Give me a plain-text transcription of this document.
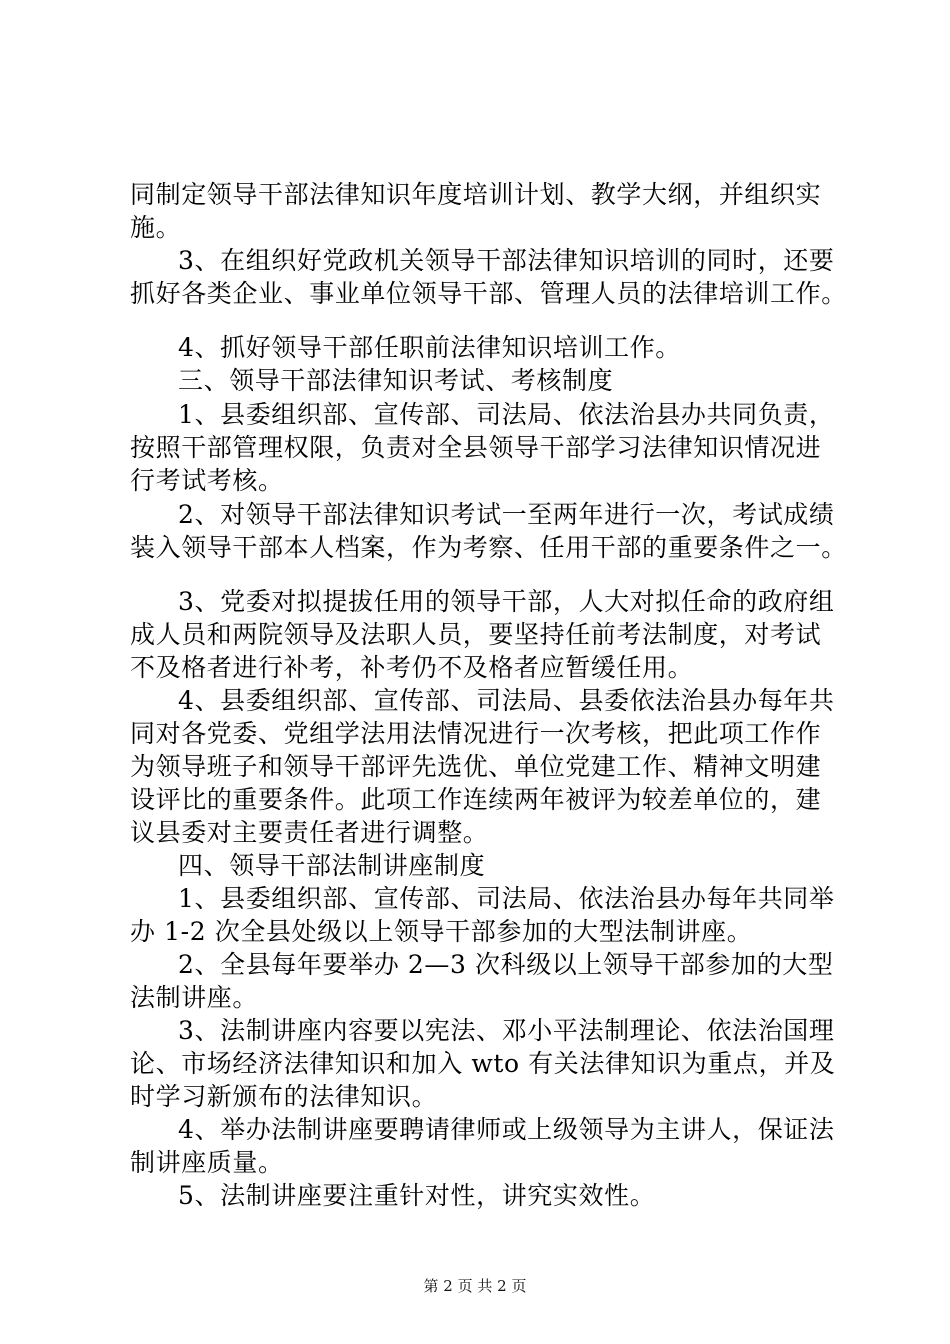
同制定领导干部法律知识年度培训计划、教学大纲，并组织实
施。
3、在组织好党政机关领导干部法律知识培训的同时，还要
抓好各类企业、事业单位领导干部、管理人员的法律培训工作。
4、抓好领导干部任职前法律知识培训工作。
三、领导干部法律知识考试、考核制度
1、县委组织部、宣传部、司法局、依法治县办共同负责，
按照干部管理权限，负责对全县领导干部学习法律知识情况进
行考试考核。
2、对领导干部法律知识考试一至两年进行一次，考试成绩
装入领导干部本人档案，作为考察、任用干部的重要条件之一。
3、党委对拟提拔任用的领导干部，人大对拟任命的政府组
成人员和两院领导及法职人员，要坚持任前考法制度，对考试
不及格者进行补考，补考仍不及格者应暂缓任用。
4、县委组织部、宣传部、司法局、县委依法治县办每年共
同对各党委、党组学法用法情况进行一次考核，把此项工作作
为领导班子和领导干部评先选优、单位党建工作、精神文明建
设评比的重要条件。此项工作连续两年被评为较差单位的，建
议县委对主要责任者进行调整。
四、领导干部法制讲座制度
1、县委组织部、宣传部、司法局、依法治县办每年共同举
办 1-2 次全县处级以上领导干部参加的大型法制讲座。
2、全县每年要举办 2—3 次科级以上领导干部参加的大型
法制讲座。
3、法制讲座内容要以宪法、邓小平法制理论、依法治国理
论、市场经济法律知识和加入 wto 有关法律知识为重点，并及
时学习新颁布的法律知识。
4、举办法制讲座要聘请律师或上级领导为主讲人，保证法
制讲座质量。
5、法制讲座要注重针对性，讲究实效性。
第 2 页 共 2 页
